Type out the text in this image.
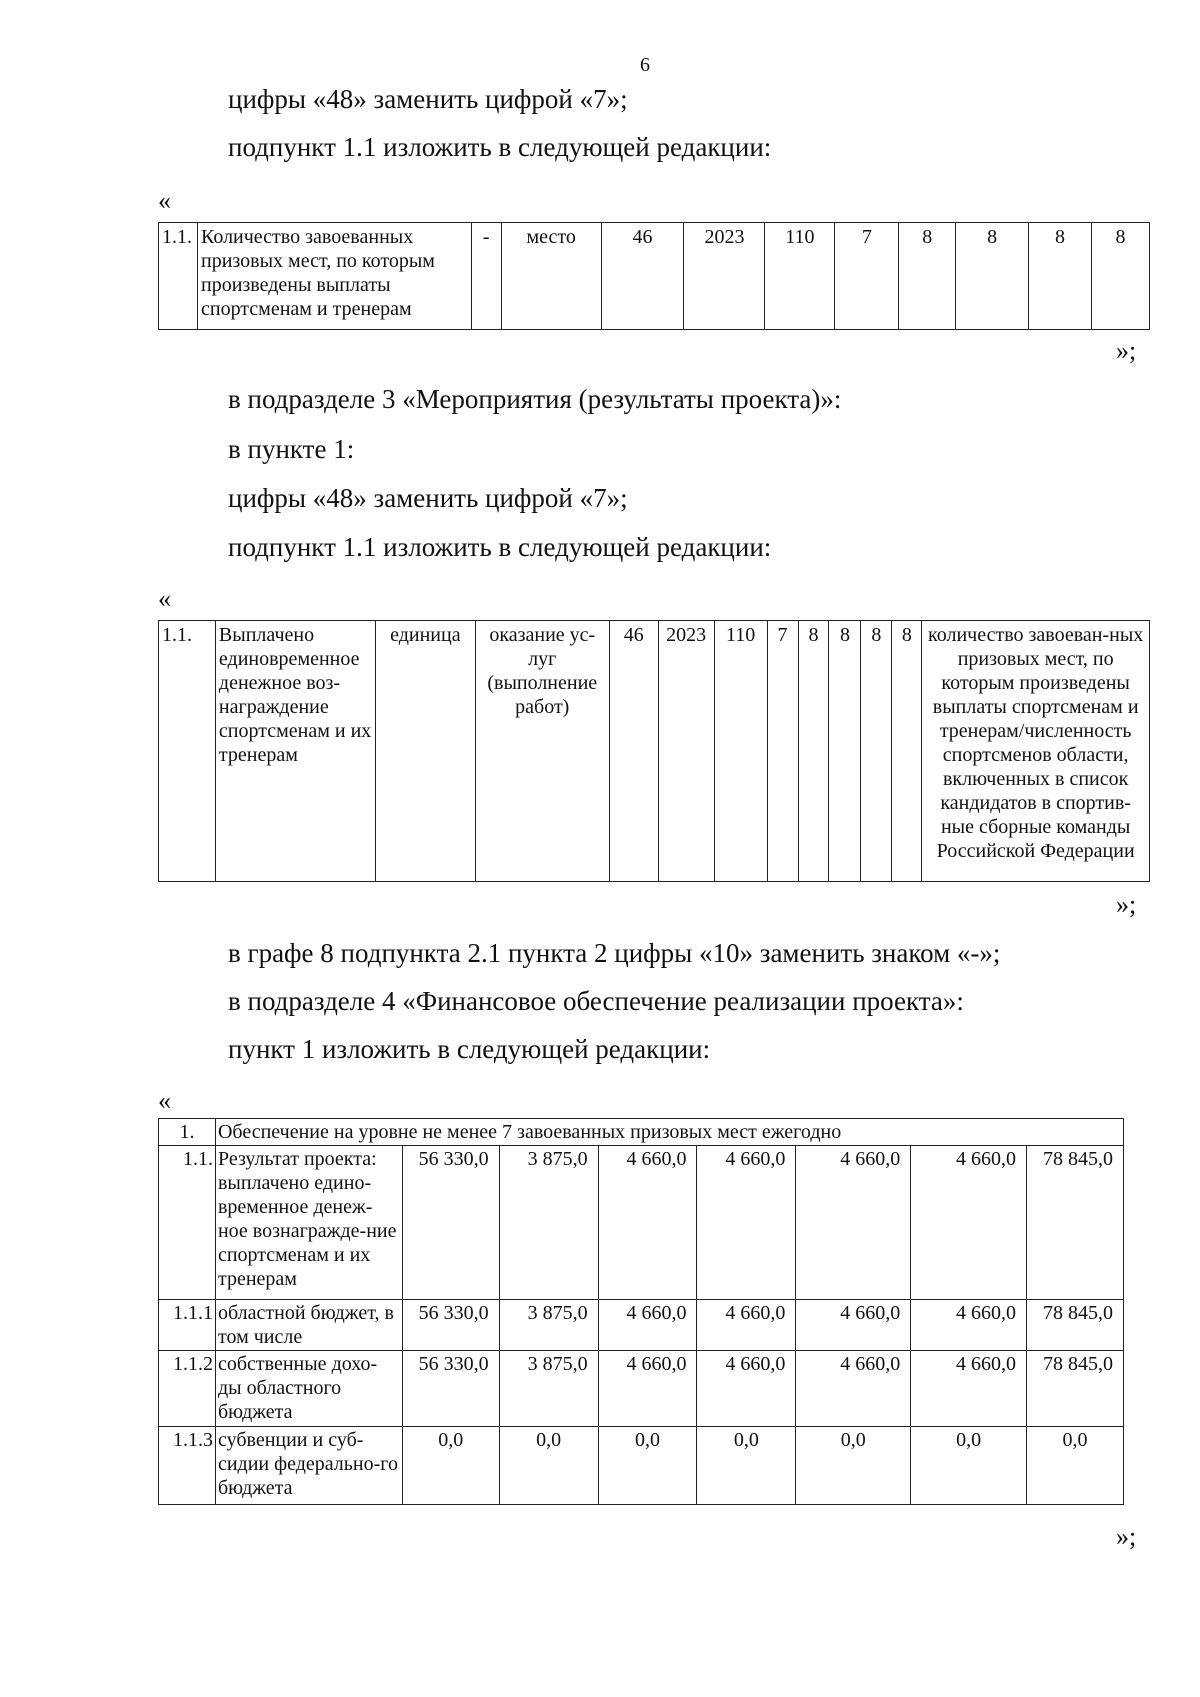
6
цифры «48» заменить цифрой «7»;
подпункт 1.1 изложить в следующей редакции:
«
1.1.	Количество завоеванных призовых мест, по которым произведены выплаты спортсменам и тренерам	-	место	46	2023	110	7	8	8	8	8
»;
в подразделе 3 «Мероприятия (результаты проекта)»:
в пункте 1:
цифры «48» заменить цифрой «7»;
подпункт 1.1 изложить в следующей редакции:
«
1.1.	Выплачено единовременное денежное воз-награждение спортсменам и их тренерам	единица	оказание ус-луг (выполнение работ)	46	2023	110	7	8	8	8	8	количество завоеван-ных призовых мест, по которым произведены выплаты спортсменам и тренерам/численность спортсменов области, включенных в список кандидатов в спортив-ные сборные команды Российской Федерации
»;
в графе 8 подпункта 2.1 пункта 2 цифры «10» заменить знаком «-»;
в подразделе 4 «Финансовое обеспечение реализации проекта»:
пункт 1 изложить в следующей редакции:
«
1.	Обеспечение на уровне не менее 7 завоеванных призовых мест ежегодно							
1.1.	Результат проекта: выплачено едино-временное денеж-ное вознагражде-ние спортсменам и их тренерам	56 330,0	3 875,0	4 660,0	4 660,0	4 660,0	4 660,0	78 845,0
1.1.1	областной бюджет, в том числе	56 330,0	3 875,0	4 660,0	4 660,0	4 660,0	4 660,0	78 845,0
1.1.2	собственные дохо-ды областного бюджета	56 330,0	3 875,0	4 660,0	4 660,0	4 660,0	4 660,0	78 845,0
1.1.3	субвенции и суб-сидии федерально-го бюджета	0,0	0,0	0,0	0,0	0,0	0,0	0,0
»;
